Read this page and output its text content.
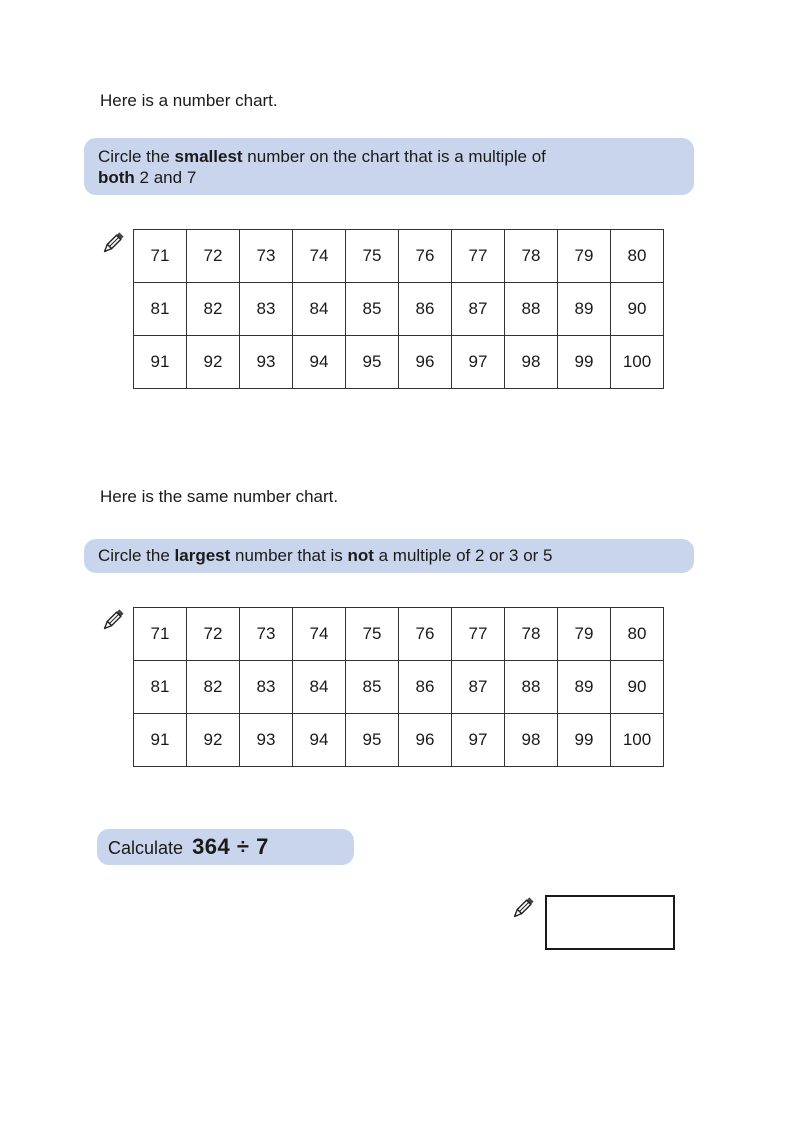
Here is a number chart.
Circle the smallest number on the chart that is a multiple of
both 2 and 7
71	72	73	74	75	76	77	78	79	80
81	82	83	84	85	86	87	88	89	90
91	92	93	94	95	96	97	98	99	100
Here is the same number chart.
Circle the largest number that is not a multiple of 2 or 3 or 5
71	72	73	74	75	76	77	78	79	80
81	82	83	84	85	86	87	88	89	90
91	92	93	94	95	96	97	98	99	100
Calculate 364 ÷ 7
